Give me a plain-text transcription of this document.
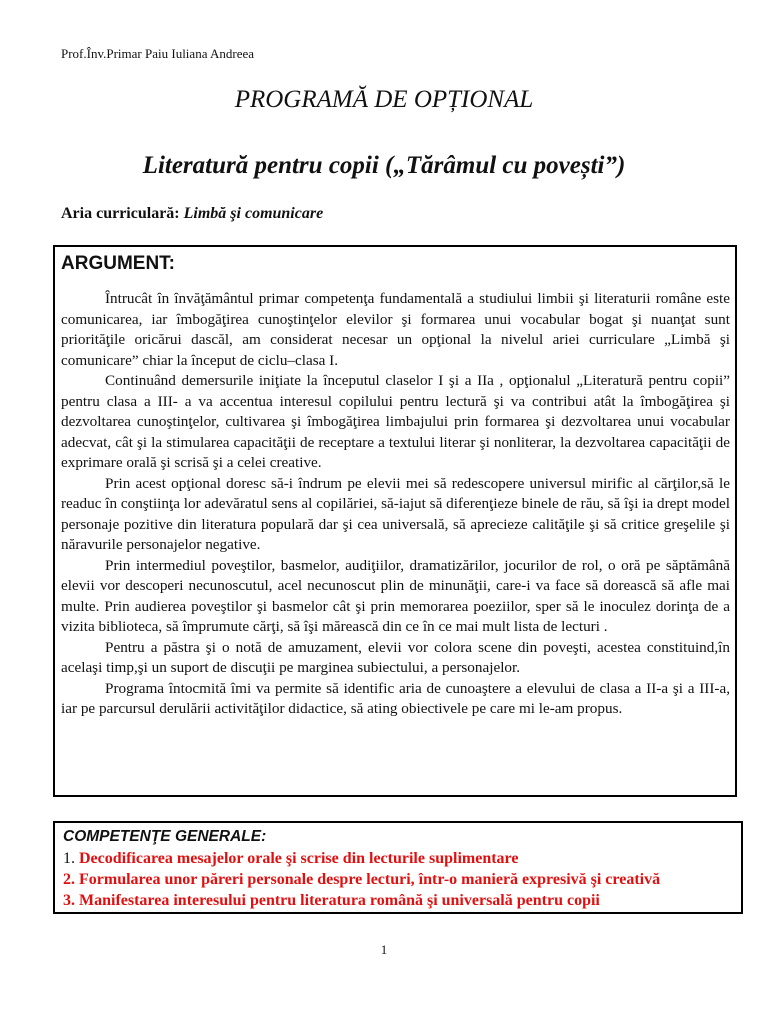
Prof.Înv.Primar Paiu Iuliana Andreea
PROGRAMĂ DE OPȚIONAL
Literatură pentru copii („Tărâmul cu povești”)
Aria curriculară: Limbă şi comunicare
ARGUMENT:

Întrucât în învăţământul primar competenţa fundamentală a studiului limbii şi literaturii române este comunicarea, iar îmbogăţirea cunoştinţelor elevilor şi formarea unui vocabular bogat şi nuanţat sunt priorităţile oricărui dascăl, am considerat necesar un opţional la nivelul ariei curriculare „Limbă şi comunicare” chiar la început de ciclu–clasa I.

Continuând demersurile iniţiate la începutul claselor I şi a IIa , opţionalul „Literatură pentru copii” pentru clasa a III- a va accentua interesul copilului pentru lectură şi va contribui atât la îmbogăţirea şi dezvoltarea cunoştinţelor, cultivarea şi îmbogăţirea limbajului prin formarea şi dezvoltarea unui vocabular adecvat, cât şi la stimularea capacităţii de receptare a textului literar şi nonliterar, la dezvoltarea capacităţii de exprimare orală şi scrisă şi a celei creative.

Prin acest opţional doresc să-i îndrum pe elevii mei să redescopere universul mirific al cărţilor,să le readuc în conştiinţa lor adevăratul sens al copilăriei, să-iajut să diferenţieze binele de rău, să îşi ia drept model personaje pozitive din literatura populară dar şi cea universală, să aprecieze calităţile şi să critice greşelile şi năravurile personajelor negative.

Prin intermediul poveştilor, basmelor, audiţiilor, dramatizărilor, jocurilor de rol, o oră pe săptămână elevii vor descoperi necunoscutul, acel necunoscut plin de minunăţii, care-i va face să dorească să afle mai multe. Prin audierea poveştilor şi basmelor cât şi prin memorarea poeziilor, sper să le inoculez dorinţa de a vizita biblioteca, să împrumute cărţi, să îşi mărească din ce în ce mai mult lista de lecturi .

Pentru a păstra şi o notă de amuzament, elevii vor colora scene din poveşti, acestea constituind,în acelaşi timp,şi un suport de discuţii pe marginea subiectului, a personajelor.

Programa întocmită îmi va permite să identific aria de cunoaştere a elevului de clasa a II-a şi a III-a, iar pe parcursul derulării activităţilor didactice, să ating obiectivele pe care mi le-am propus.

COMPETENŢE GENERALE:
1. Decodificarea mesajelor orale şi scrise din lecturile suplimentare
2. Formularea unor păreri personale despre lecturi, într-o manieră expresivă şi creativă
3. Manifestarea interesului pentru literatura română şi universală pentru copii
1
